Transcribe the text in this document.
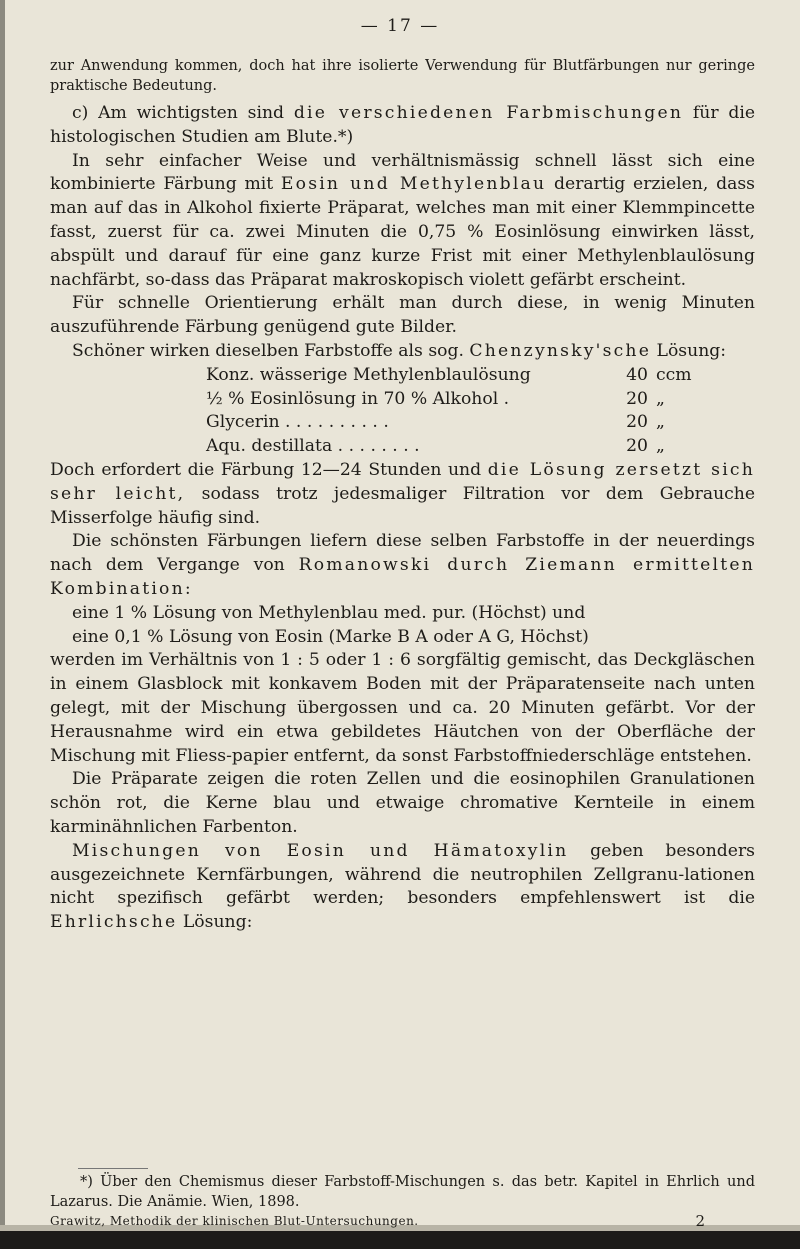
— 17 —

zur Anwendung kommen, doch hat ihre isolierte Verwendung für Blutfärbungen nur geringe praktische Bedeutung.

c) Am wichtigsten sind die verschiedenen Farbmischungen für die histologischen Studien am Blute.*)

In sehr einfacher Weise und verhältnismässig schnell lässt sich eine kombinierte Färbung mit Eosin und Methylenblau derartig erzielen, dass man auf das in Alkohol fixierte Präparat, welches man mit einer Klemmpincette fasst, zuerst für ca. zwei Minuten die 0,75 % Eosinlösung einwirken lässt, abspült und darauf für eine ganz kurze Frist mit einer Methylenblaulösung nachfärbt, so-dass das Präparat makroskopisch violett gefärbt erscheint.

Für schnelle Orientierung erhält man durch diese, in wenig Minuten auszuführende Färbung genügend gute Bilder.

Schöner wirken dieselben Farbstoffe als sog. Chenzynsky'sche Lösung:

Konz. wässerige Methylenblaulösung	40 ccm
½ % Eosinlösung in 70 % Alkohol .	20 „
Glycerin . . . . . . . . . .	20 „
Aqu. destillata . . . . . . . .	20 „

Doch erfordert die Färbung 12—24 Stunden und die Lösung zersetzt sich sehr leicht, sodass trotz jedesmaliger Filtration vor dem Gebrauche Misserfolge häufig sind.

Die schönsten Färbungen liefern diese selben Farbstoffe in der neuerdings nach dem Vergange von Romanowski durch Ziemann ermittelten Kombination:

eine 1 % Lösung von Methylenblau med. pur. (Höchst) und

eine 0,1 % Lösung von Eosin (Marke B A oder A G, Höchst)

werden im Verhältnis von 1 : 5 oder 1 : 6 sorgfältig gemischt, das Deckgläschen in einem Glasblock mit konkavem Boden mit der Präparatenseite nach unten gelegt, mit der Mischung übergossen und ca. 20 Minuten gefärbt. Vor der Herausnahme wird ein etwa gebildetes Häutchen von der Oberfläche der Mischung mit Fliess-papier entfernt, da sonst Farbstoffniederschläge entstehen.

Die Präparate zeigen die roten Zellen und die eosinophilen Granulationen schön rot, die Kerne blau und etwaige chromative Kernteile in einem karminähnlichen Farbenton.

Mischungen von Eosin und Hämatoxylin geben besonders ausgezeichnete Kernfärbungen, während die neutrophilen Zellgranu-lationen nicht spezifisch gefärbt werden; besonders empfehlenswert ist die Ehrlichsche Lösung:

*) Über den Chemismus dieser Farbstoff-Mischungen s. das betr. Kapitel in Ehrlich und Lazarus. Die Anämie. Wien, 1898.
Grawitz, Methodik der klinischen Blut-Untersuchungen.	2
